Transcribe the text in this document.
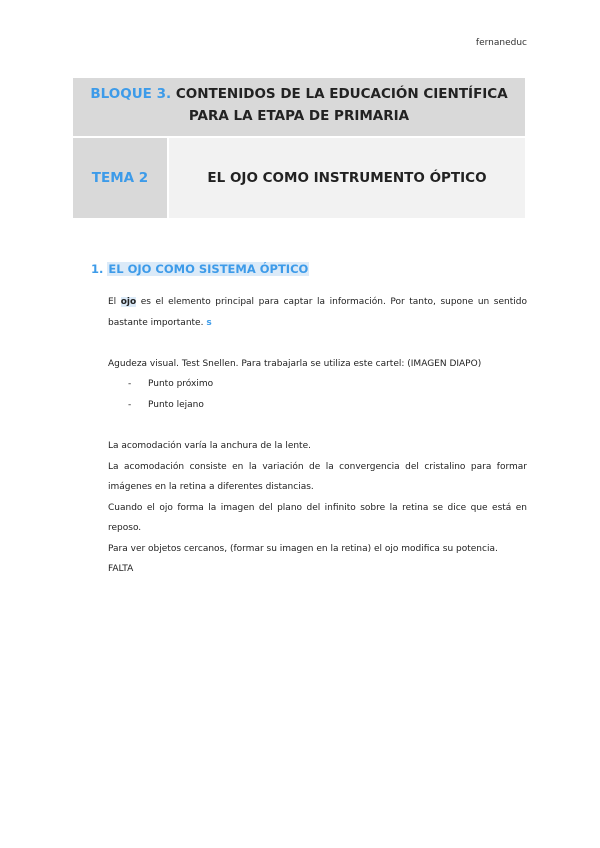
fernaneduc
BLOQUE 3. CONTENIDOS DE LA EDUCACIÓN CIENTÍFICA
PARA LA ETAPA DE PRIMARIA
TEMA 2	EL OJO COMO INSTRUMENTO ÓPTICO
1. EL OJO COMO SISTEMA ÓPTICO
El ojo es el elemento principal para captar la información. Por tanto, supone un sentido bastante importante. s
Agudeza visual. Test Snellen. Para trabajarla se utiliza este cartel: (IMAGEN DIAPO)
-	Punto próximo
-	Punto lejano
La acomodación varía la anchura de la lente.
La acomodación consiste en la variación de la convergencia del cristalino para formar imágenes en la retina a diferentes distancias.
Cuando el ojo forma la imagen del plano del infinito sobre la retina se dice que está en reposo.
Para ver objetos cercanos, (formar su imagen en la retina) el ojo modifica su potencia.
FALTA
